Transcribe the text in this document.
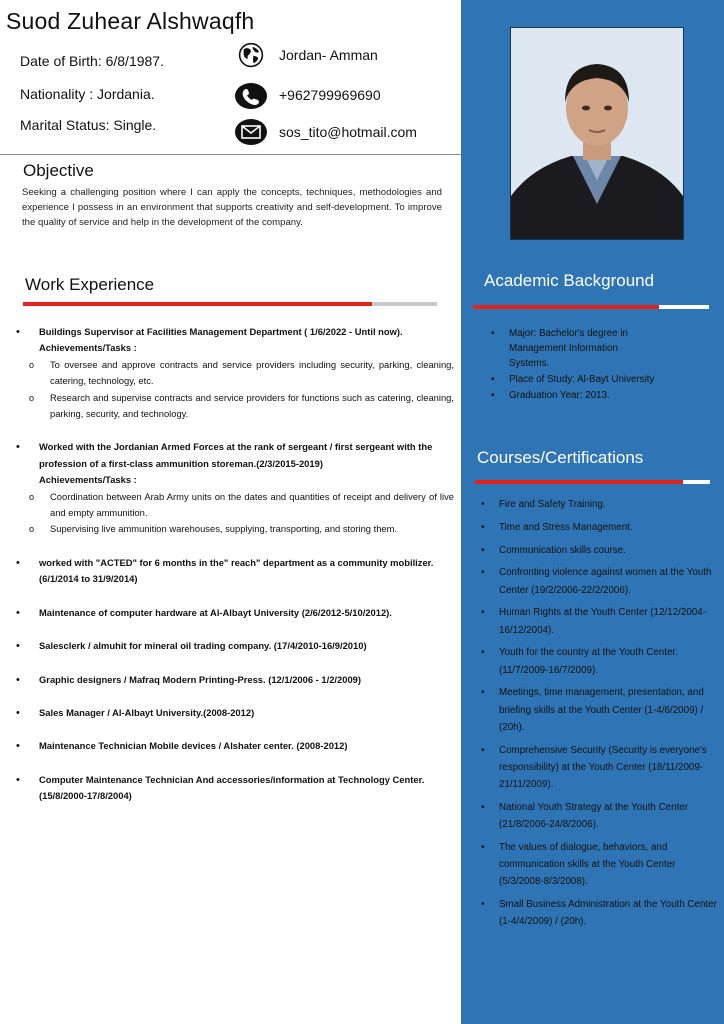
Suod Zuhear Alshwaqfh
Date of Birth: 6/8/1987.
Nationality : Jordania.
Marital Status: Single.
Jordan- Amman
+962799969690
sos_tito@hotmail.com
Objective
Seeking a challenging position where I can apply the concepts, techniques, methodologies and experience I possess in an environment that supports creativity and self-development. To improve the quality of service and help in the development of the company.
Work Experience
• Buildings Supervisor at Facilities Management Department ( 1/6/2022 - Until now).
Achievements/Tasks :
o To oversee and approve contracts and service providers including security, parking, cleaning, catering, technology, etc.
o Research and supervise contracts and service providers for functions such as catering, cleaning, parking, security, and technology.
• Worked with the Jordanian Armed Forces at the rank of sergeant / first sergeant with the profession of a first-class ammunition storeman.(2/3/2015-2019)
Achievements/Tasks :
o Coordination between Arab Army units on the dates and quantities of receipt and delivery of live and empty ammunition.
o Supervising live ammunition warehouses, supplying, transporting, and storing them.
• worked with "ACTED" for 6 months in the" reach" department as a community mobilizer.(6/1/2014 to 31/9/2014)
• Maintenance of computer hardware at Al-Albayt University (2/6/2012-5/10/2012).
• Salesclerk / almuhit for mineral oil trading company. (17/4/2010-16/9/2010)
• Graphic designers / Mafraq Modern Printing-Press. (12/1/2006 - 1/2/2009)
• Sales Manager / Al-Albayt University.(2008-2012)
• Maintenance Technician Mobile devices / Alshater center. (2008-2012)
• Computer Maintenance Technician And accessories/information at Technology Center. (15/8/2000-17/8/2004)
Academic Background
• Major: Bachelor's degree in Management Information Systems.
• Place of Study: Al-Bayt University
• Graduation Year: 2013.
Courses/Certifications
• Fire and Safety Training.
• Time and Stress Management.
• Communication skills course.
• Confronting violence against women at the Youth Center (19/2/2006-22/2/2006).
• Human Rights at the Youth Center (12/12/2004-16/12/2004).
• Youth for the country at the Youth Center. (11/7/2009-16/7/2009).
• Meetings, time management, presentation, and briefing skills at the Youth Center (1-4/6/2009) / (20h).
• Comprehensive Security (Security is everyone's responsibility) at the Youth Center (18/11/2009-21/11/2009).
• National Youth Strategy at the Youth Center (21/8/2006-24/8/2006).
• The values of dialogue, behaviors, and communication skills at the Youth Center (5/3/2008-8/3/2008).
• Small Business Administration at the Youth Center (1-4/4/2009) / (20h).
